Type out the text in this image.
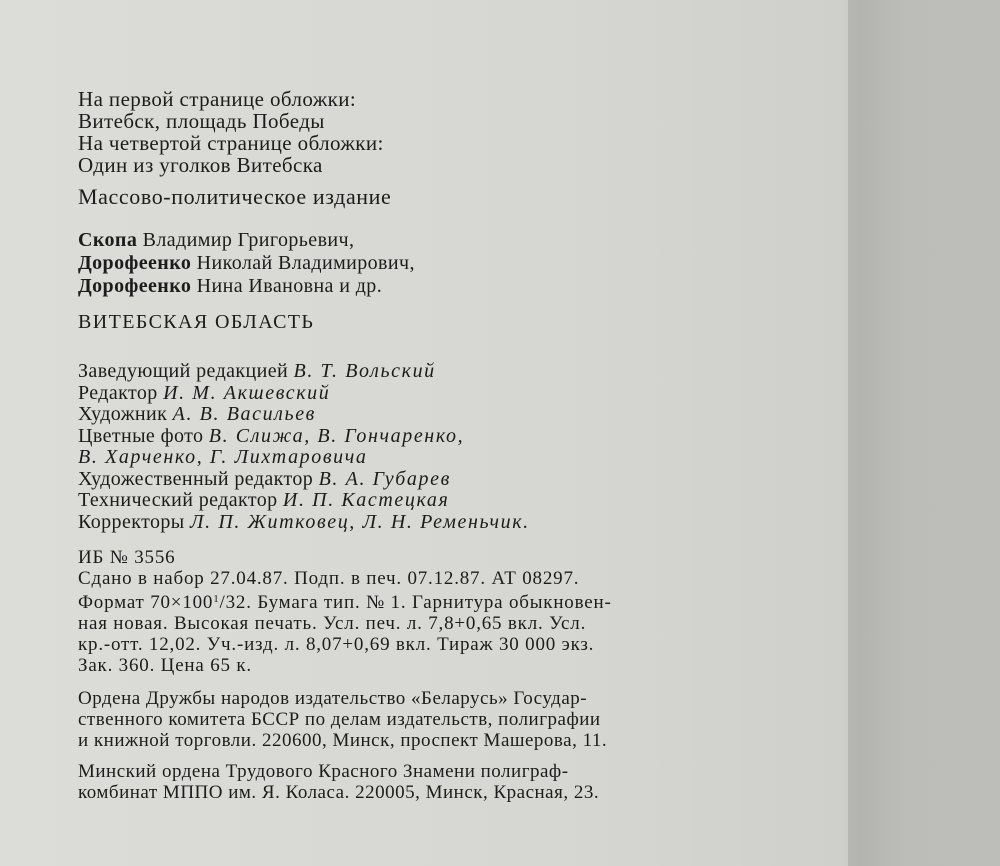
На первой странице обложки:
Витебск, площадь Победы
На четвертой странице обложки:
Один из уголков Витебска
Массово-политическое издание
Скопа Владимир Григорьевич,
Дорофеенко Николай Владимирович,
Дорофеенко Нина Ивановна и др.
ВИТЕБСКАЯ ОБЛАСТЬ
Заведующий редакцией В. Т. Вольский
Редактор И. М. Акшевский
Художник А. В. Васильев
Цветные фото В. Слижа, В. Гончаренко,
В. Харченко, Г. Лихтаровича
Художественный редактор В. А. Губарев
Технический редактор И. П. Кастецкая
Корректоры Л. П. Житковец, Л. Н. Ременьчик.
ИБ № 3556
Сдано в набор 27.04.87. Подп. в печ. 07.12.87. АТ 08297.
Формат $70\times 100^1/32$. Бумага тип. № 1. Гарнитура обыкновен-
ная новая. Высокая печать. Усл. печ. л. 7,8+0,65 вкл. Усл.
кр.-отт. 12,02. Уч.-изд. л. 8,07+0,69 вкл. Тираж 30 000 экз.
Зак. 360. Цена 65 к.
Ордена Дружбы народов издательство «Беларусь» Государ-
ственного комитета БССР по делам издательств, полиграфии
и книжной торговли. 220600, Минск, проспект Машерова, 11.
Минский ордена Трудового Красного Знамени полиграф-
комбинат МППО им. Я. Коласа. 220005, Минск, Красная, 23.
